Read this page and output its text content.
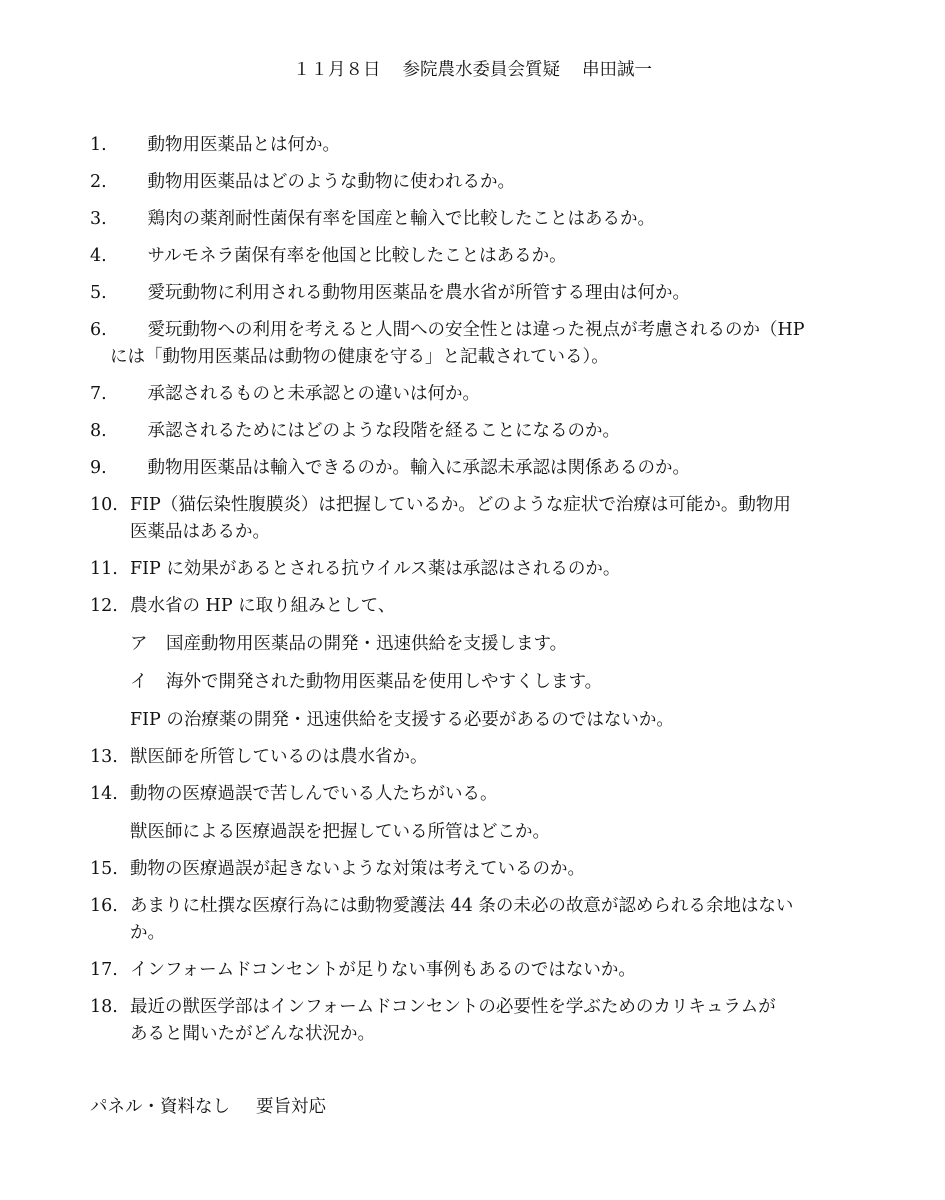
１１月８日 参院農水委員会質疑 串田誠一
1.	　動物用医薬品とは何か。
2.	　動物用医薬品はどのような動物に使われるか。
3.	　鶏肉の薬剤耐性菌保有率を国産と輸入で比較したことはあるか。
4.	　サルモネラ菌保有率を他国と比較したことはあるか。
5.	　愛玩動物に利用される動物用医薬品を農水省が所管する理由は何か。
6.	　愛玩動物への利用を考えると人間への安全性とは違った視点が考慮されるのか（HP
には「動物用医薬品は動物の健康を守る」と記載されている）。
7.	　承認されるものと未承認との違いは何か。
8.	　承認されるためにはどのような段階を経ることになるのか。
9.	　動物用医薬品は輸入できるのか。輸入に承認未承認は関係あるのか。
10. FIP（猫伝染性腹膜炎）は把握しているか。どのような症状で治療は可能か。動物用
医薬品はあるか。
11. FIP に効果があるとされる抗ウイルス薬は承認はされるのか。
12. 農水省の HP に取り組みとして、
ア 国産動物用医薬品の開発・迅速供給を支援します。
イ 海外で開発された動物用医薬品を使用しやすくします。
FIP の治療薬の開発・迅速供給を支援する必要があるのではないか。
13. 獣医師を所管しているのは農水省か。
14. 動物の医療過誤で苦しんでいる人たちがいる。
獣医師による医療過誤を把握している所管はどこか。
15. 動物の医療過誤が起きないような対策は考えているのか。
16. あまりに杜撰な医療行為には動物愛護法 44 条の未必の故意が認められる余地はない
か。
17. インフォームドコンセントが足りない事例もあるのではないか。
18. 最近の獣医学部はインフォームドコンセントの必要性を学ぶためのカリキュラムが
あると聞いたがどんな状況か。
パネル・資料なし 要旨対応
